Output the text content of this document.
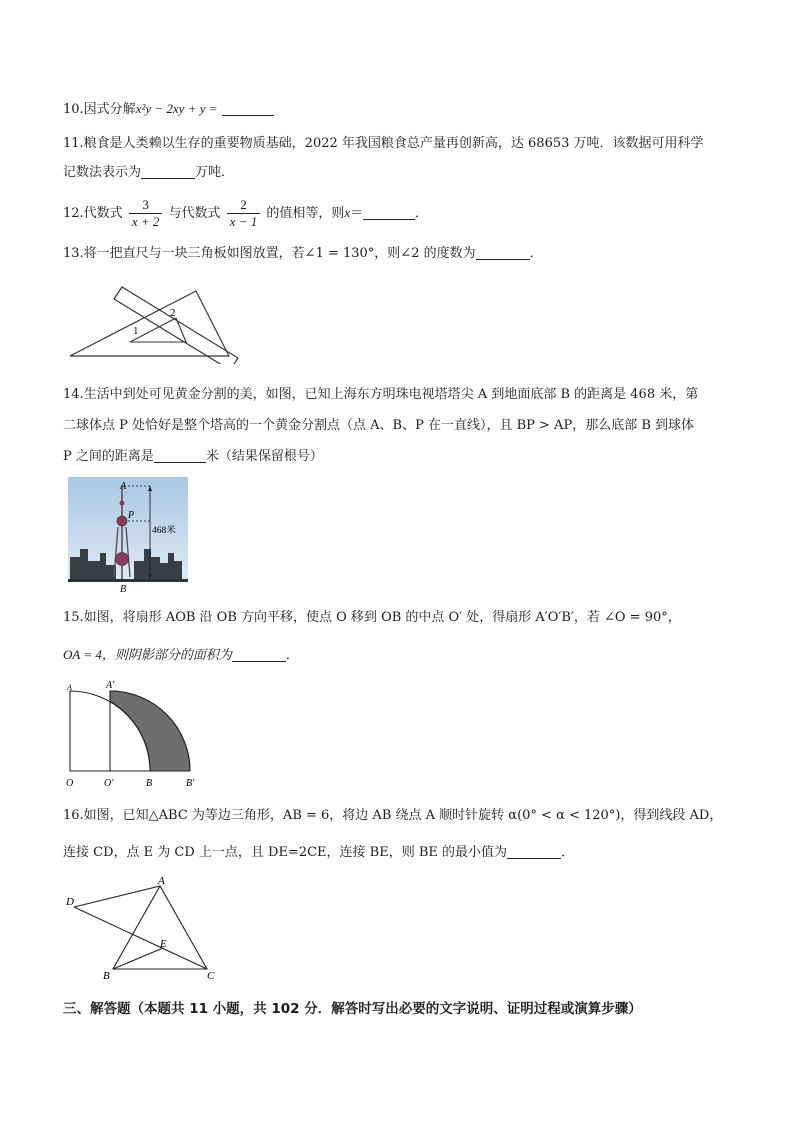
10.因式分解x²y − 2xy + y =
11.粮食是人类赖以生存的重要物质基础，2022 年我国粮食总产量再创新高，达 68653 万吨．该数据可用科学
记数法表示为	万吨．
12.代数式 $\frac{3}{x + 2}$ 与代数式 $\frac{2}{x - 1}$ 的值相等，则x＝	．
13.将一把直尺与一块三角板如图放置，若∠1 = 130°，则∠2 的度数为	．
1
2
14.生活中到处可见黄金分割的美，如图，已知上海东方明珠电视塔塔尖 A 到地面底部 B 的距离是 468 米，第
二球体点 P 处恰好是整个塔高的一个黄金分割点（点 A、B、P 在一直线），且 BP > AP，那么底部 B 到球体
P 之间的距离是	米（结果保留根号）
A
P
B
468米
15.如图，将扇形 AOB 沿 OB 方向平移，使点 O 移到 OB 的中点 O′ 处，得扇形 A′O′B′，若 ∠O = 90°，
OA = 4，则阴影部分的面积为	．
A	A′
O	O′	B	B′
16.如图，已知△ABC 为等边三角形，AB = 6，将边 AB 绕点 A 顺时针旋转 α(0° < α < 120°)，得到线段 AD，
连接 CD，点 E 为 CD 上一点，且 DE=2CE，连接 BE，则 BE 的最小值为	．
A
B	C
D
E
三、解答题（本题共 11 小题，共 102 分．解答时写出必要的文字说明、证明过程或演算步骤）
